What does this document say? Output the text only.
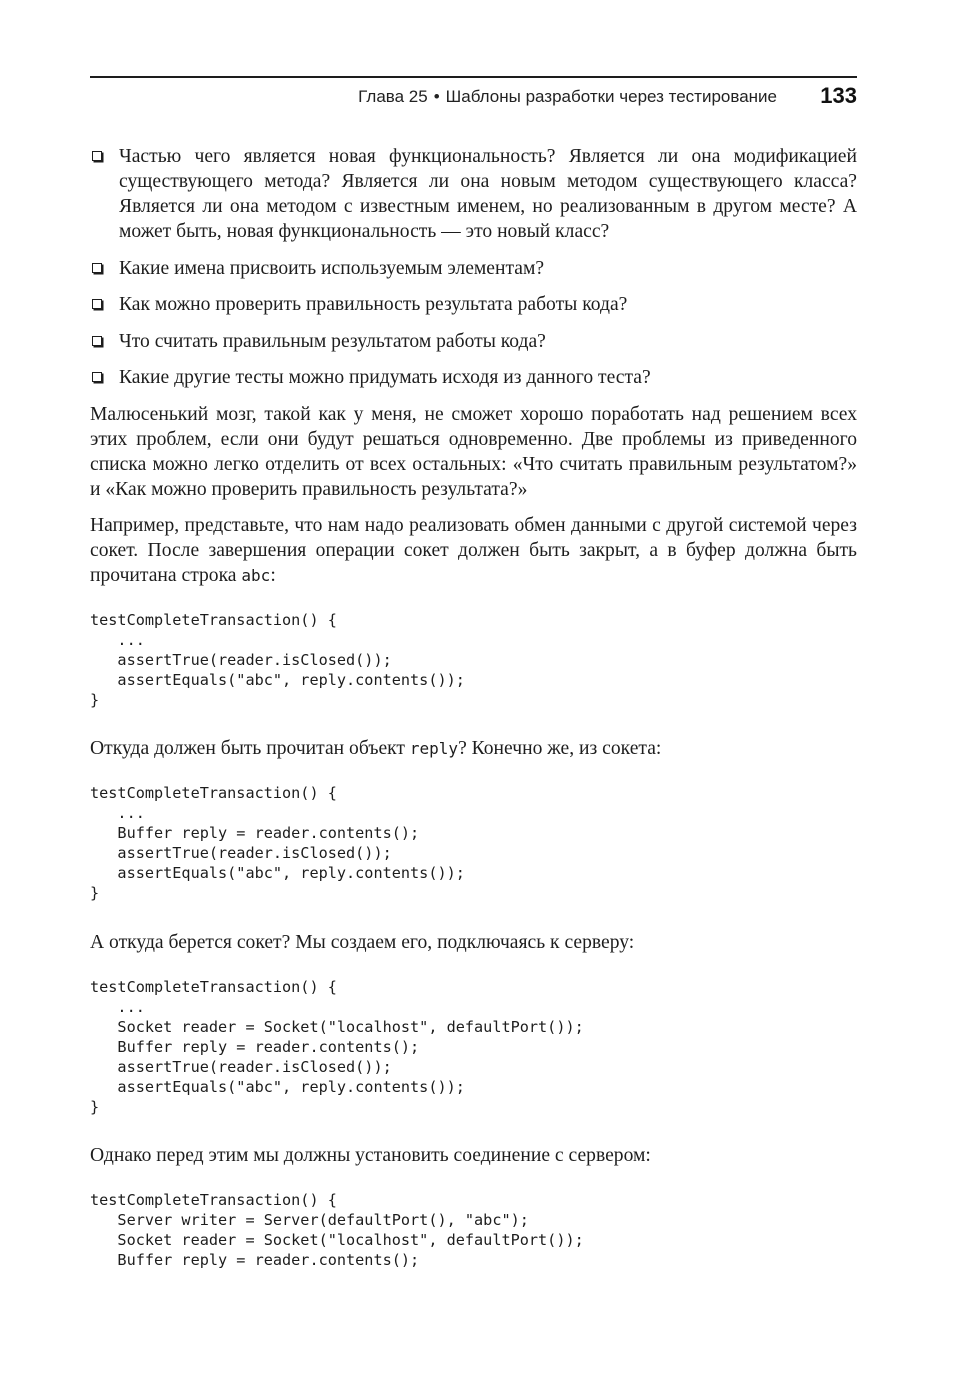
Глава 25 • Шаблоны разработки через тестирование 133
Частью чего является новая функциональность? Является ли она модификацией существующего метода? Является ли она новым методом существующего класса? Является ли она методом с известным именем, но реализованным в другом месте? А может быть, новая функциональность — это новый класс?
Какие имена присвоить используемым элементам?
Как можно проверить правильность результата работы кода?
Что считать правильным результатом работы кода?
Какие другие тесты можно придумать исходя из данного теста?

Малюсенький мозг, такой как у меня, не сможет хорошо поработать над решением всех этих проблем, если они будут решаться одновременно. Две проблемы из приведенного списка можно легко отделить от всех остальных: «Что считать правильным результатом?» и «Как можно проверить правильность результата?»

Например, представьте, что нам надо реализовать обмен данными с другой системой через сокет. После завершения операции сокет должен быть закрыт, а в буфер должна быть прочитана строка abc:

testCompleteTransaction() {
...
assertTrue(reader.isClosed());
assertEquals("abc", reply.contents());
}

Откуда должен быть прочитан объект reply? Конечно же, из сокета:

testCompleteTransaction() {
...
Buffer reply = reader.contents();
assertTrue(reader.isClosed());
assertEquals("abc", reply.contents());
}

А откуда берется сокет? Мы создаем его, подключаясь к серверу:

testCompleteTransaction() {
...
Socket reader = Socket("localhost", defaultPort());
Buffer reply = reader.contents();
assertTrue(reader.isClosed());
assertEquals("abc", reply.contents());
}

Однако перед этим мы должны установить соединение с сервером:

testCompleteTransaction() {
Server writer = Server(defaultPort(), "abc");
Socket reader = Socket("localhost", defaultPort());
Buffer reply = reader.contents();
